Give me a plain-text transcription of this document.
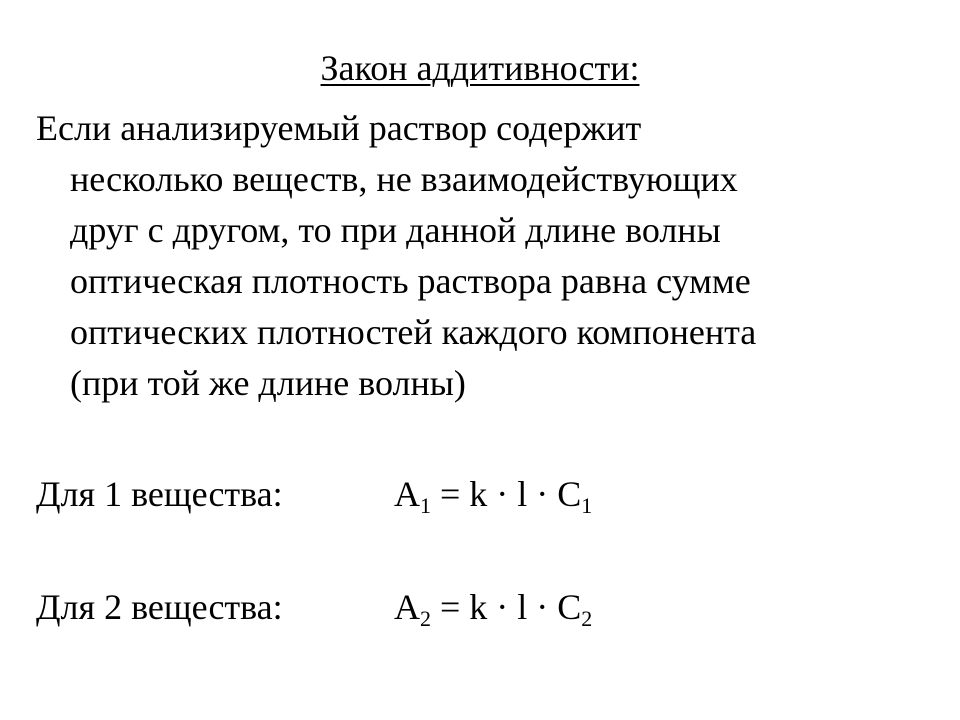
Закон аддитивности:

Если анализируемый раствор содержит
несколько веществ, не взаимодействующих
друг с другом, то при данной длине волны
оптическая плотность раствора равна сумме
оптических плотностей каждого компонента
(при той же длине волны)

Для 1 вещества:	$A_1 = k \cdot l \cdot C_1$
Для 2 вещества:	$A_2 = k \cdot l \cdot C_2$
